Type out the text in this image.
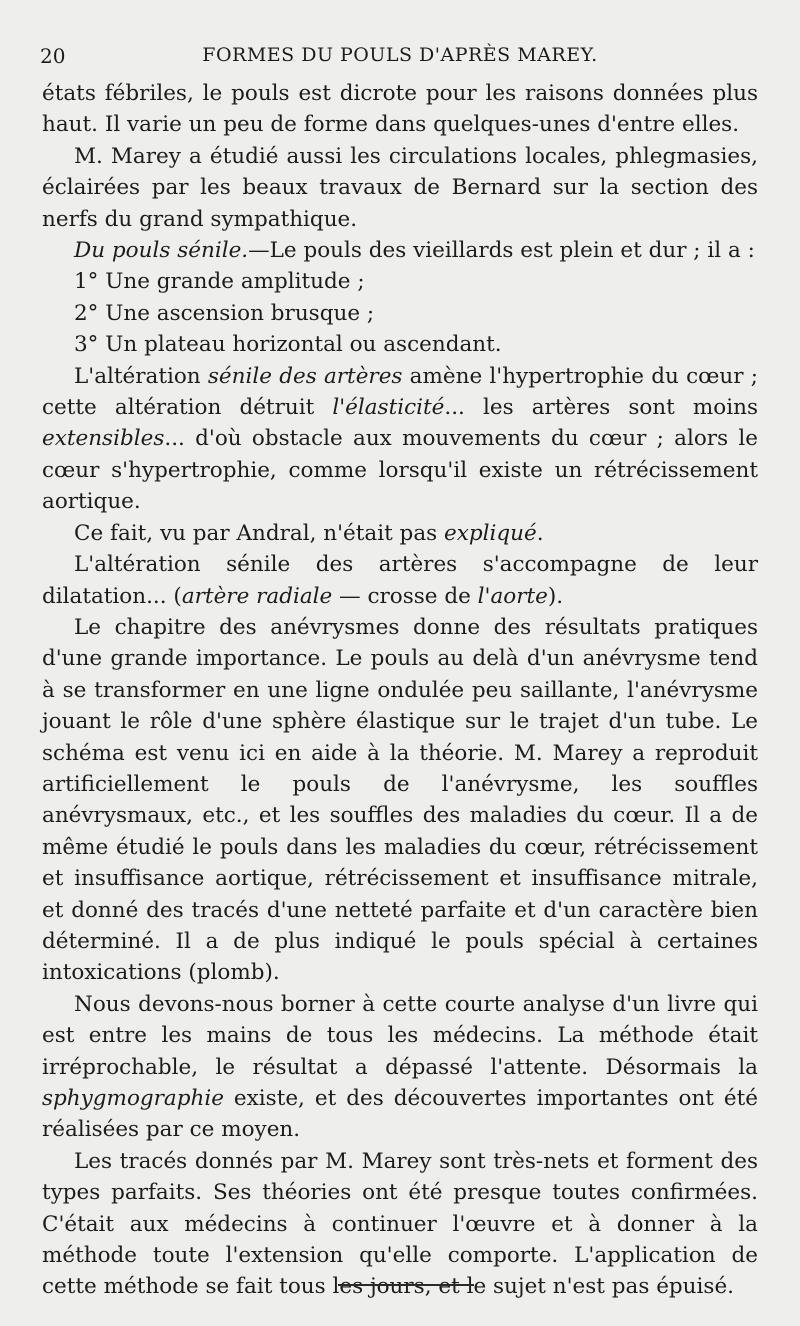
20	FORMES DU POULS D'APRÈS MAREY.

états fébriles, le pouls est dicrote pour les raisons données plus haut. Il varie un peu de forme dans quelques-unes d'entre elles.

M. Marey a étudié aussi les circulations locales, phlegmasies, éclairées par les beaux travaux de Bernard sur la section des nerfs du grand sympathique.

Du pouls sénile.—Le pouls des vieillards est plein et dur ; il a :

1° Une grande amplitude ;
2° Une ascension brusque ;
3° Un plateau horizontal ou ascendant.

L'altération sénile des artères amène l'hypertrophie du cœur ; cette altération détruit l'élasticité... les artères sont moins extensibles... d'où obstacle aux mouvements du cœur ; alors le cœur s'hypertrophie, comme lorsqu'il existe un rétrécissement aortique.

Ce fait, vu par Andral, n'était pas expliqué.

L'altération sénile des artères s'accompagne de leur dilatation... (artère radiale — crosse de l'aorte).

Le chapitre des anévrysmes donne des résultats pratiques d'une grande importance. Le pouls au delà d'un anévrysme tend à se transformer en une ligne ondulée peu saillante, l'anévrysme jouant le rôle d'une sphère élastique sur le trajet d'un tube. Le schéma est venu ici en aide à la théorie. M. Marey a reproduit artificiellement le pouls de l'anévrysme, les souffles anévrysmaux, etc., et les souffles des maladies du cœur. Il a de même étudié le pouls dans les maladies du cœur, rétrécissement et insuffisance aortique, rétrécissement et insuffisance mitrale, et donné des tracés d'une netteté parfaite et d'un caractère bien déterminé. Il a de plus indiqué le pouls spécial à certaines intoxications (plomb).

Nous devons-nous borner à cette courte analyse d'un livre qui est entre les mains de tous les médecins. La méthode était irréprochable, le résultat a dépassé l'attente. Désormais la sphygmographie existe, et des découvertes importantes ont été réalisées par ce moyen.

Les tracés donnés par M. Marey sont très-nets et forment des types parfaits. Ses théories ont été presque toutes confirmées. C'était aux médecins à continuer l'œuvre et à donner à la méthode toute l'extension qu'elle comporte. L'application de cette méthode se fait tous les jours, et le sujet n'est pas épuisé.
